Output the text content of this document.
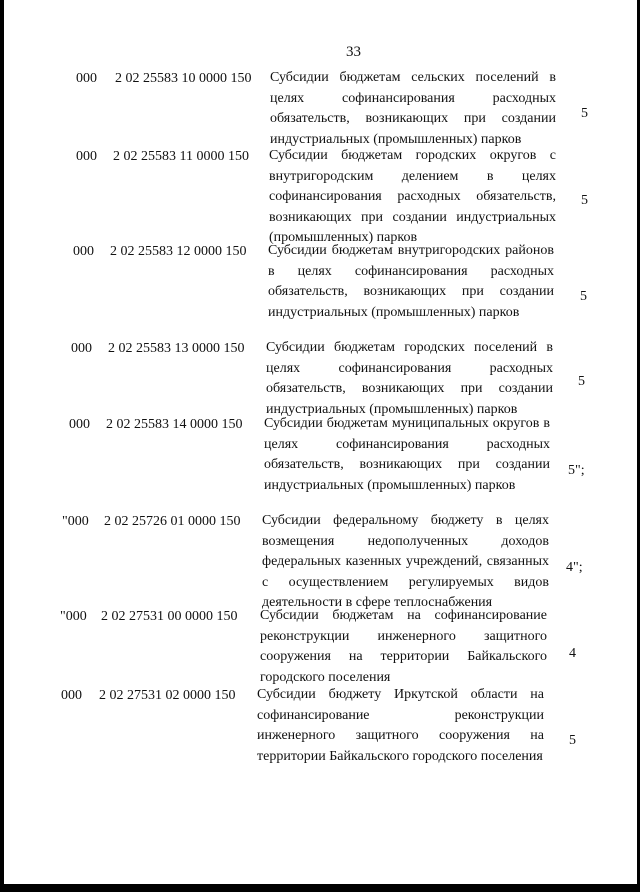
33
000 2 02 25583 10 0000 150 Субсидии бюджетам сельских поселений в целях софинансирования расходных обязательств, возникающих при создании индустриальных (промышленных) парков
5
000 2 02 25583 11 0000 150 Субсидии бюджетам городских округов с внутригородским делением в целях софинансирования расходных обязательств, возникающих при создании индустриальных (промышленных) парков
5
000 2 02 25583 12 0000 150 Субсидии бюджетам внутригородских районов в целях софинансирования расходных обязательств, возникающих при создании индустриальных (промышленных) парков
5
000 2 02 25583 13 0000 150 Субсидии бюджетам городских поселений в целях софинансирования расходных обязательств, возникающих при создании индустриальных (промышленных) парков
5
000 2 02 25583 14 0000 150 Субсидии бюджетам муниципальных округов в целях софинансирования расходных обязательств, возникающих при создании индустриальных (промышленных) парков
5";
"000 2 02 25726 01 0000 150 Субсидии федеральному бюджету в целях возмещения недополученных доходов федеральных казенных учреждений, связанных с осуществлением регулируемых видов деятельности в сфере теплоснабжения
4";
"000 2 02 27531 00 0000 150 Субсидии бюджетам на софинансирование реконструкции инженерного защитного сооружения на территории Байкальского городского поселения
4
000 2 02 27531 02 0000 150 Субсидии бюджету Иркутской области на софинансирование реконструкции инженерного защитного сооружения на территории Байкальского городского поселения
5
